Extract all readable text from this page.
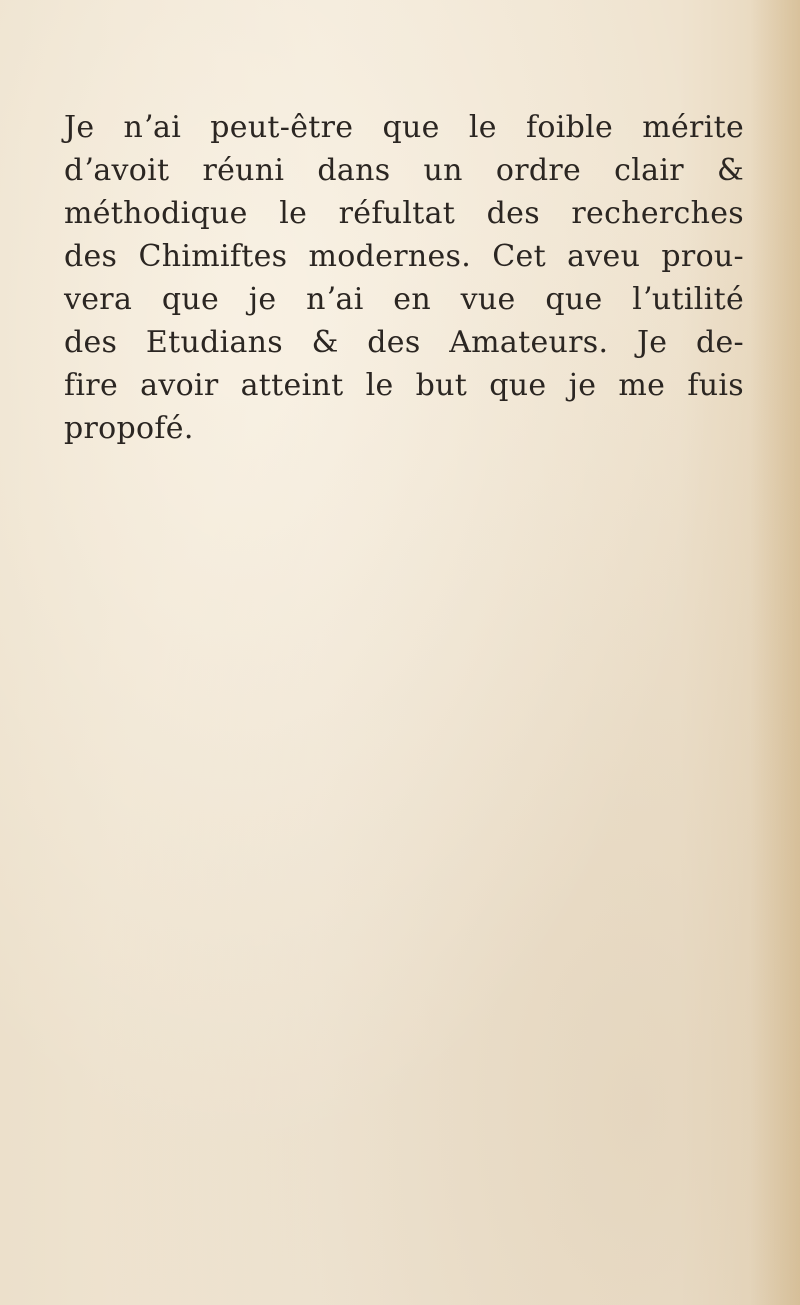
Je nʼai peut-être que le foible mérite
dʼavoit réuni dans un ordre clair &
méthodique le réfultat des recherches
des Chimiftes modernes. Cet aveu prou-
vera que je nʼai en vue que lʼutilité
des Etudians & des Amateurs. Je de-
fire avoir atteint le but que je me fuis
propofé.
